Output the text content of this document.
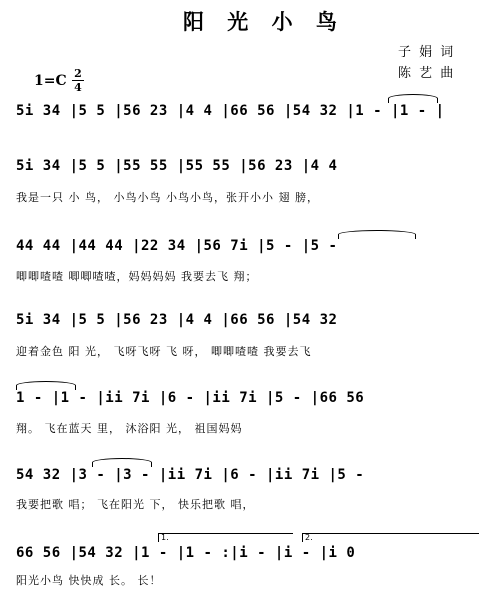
阳 光 小 鸟
子 娟 词
陈 艺 曲
1=C 2
4
5i 34 |5 5 |56 23 |4 4 |66 56 |54 32 |1 - |1 - |
5i 34 |5 5 |55 55 |55 55 |56 23 |4 4
我是一只 小 鸟， 小鸟小鸟 小鸟小鸟，张开小小 翅 膀，
44 44 |44 44 |22 34 |56 7i |5 - |5 -
唧唧喳喳 唧唧喳喳，妈妈妈妈 我要去飞 翔；
5i 34 |5 5 |56 23 |4 4 |66 56 |54 32
迎着金色 阳 光， 飞呀飞呀 飞 呀， 唧唧喳喳 我要去飞
1 - |1 - |ii 7i |6 - |ii 7i |5 - |66 56
翔。 飞在蓝天 里， 沐浴阳 光， 祖国妈妈
54 32 |3 - |3 - |ii 7i |6 - |ii 7i |5 -
我要把歌 唱； 飞在阳光 下， 快乐把歌 唱，
66 56 |54 32 |1 - |1 - :|i - |i - |i 0
阳光小鸟 快快成 长。 长！
1.	2.
